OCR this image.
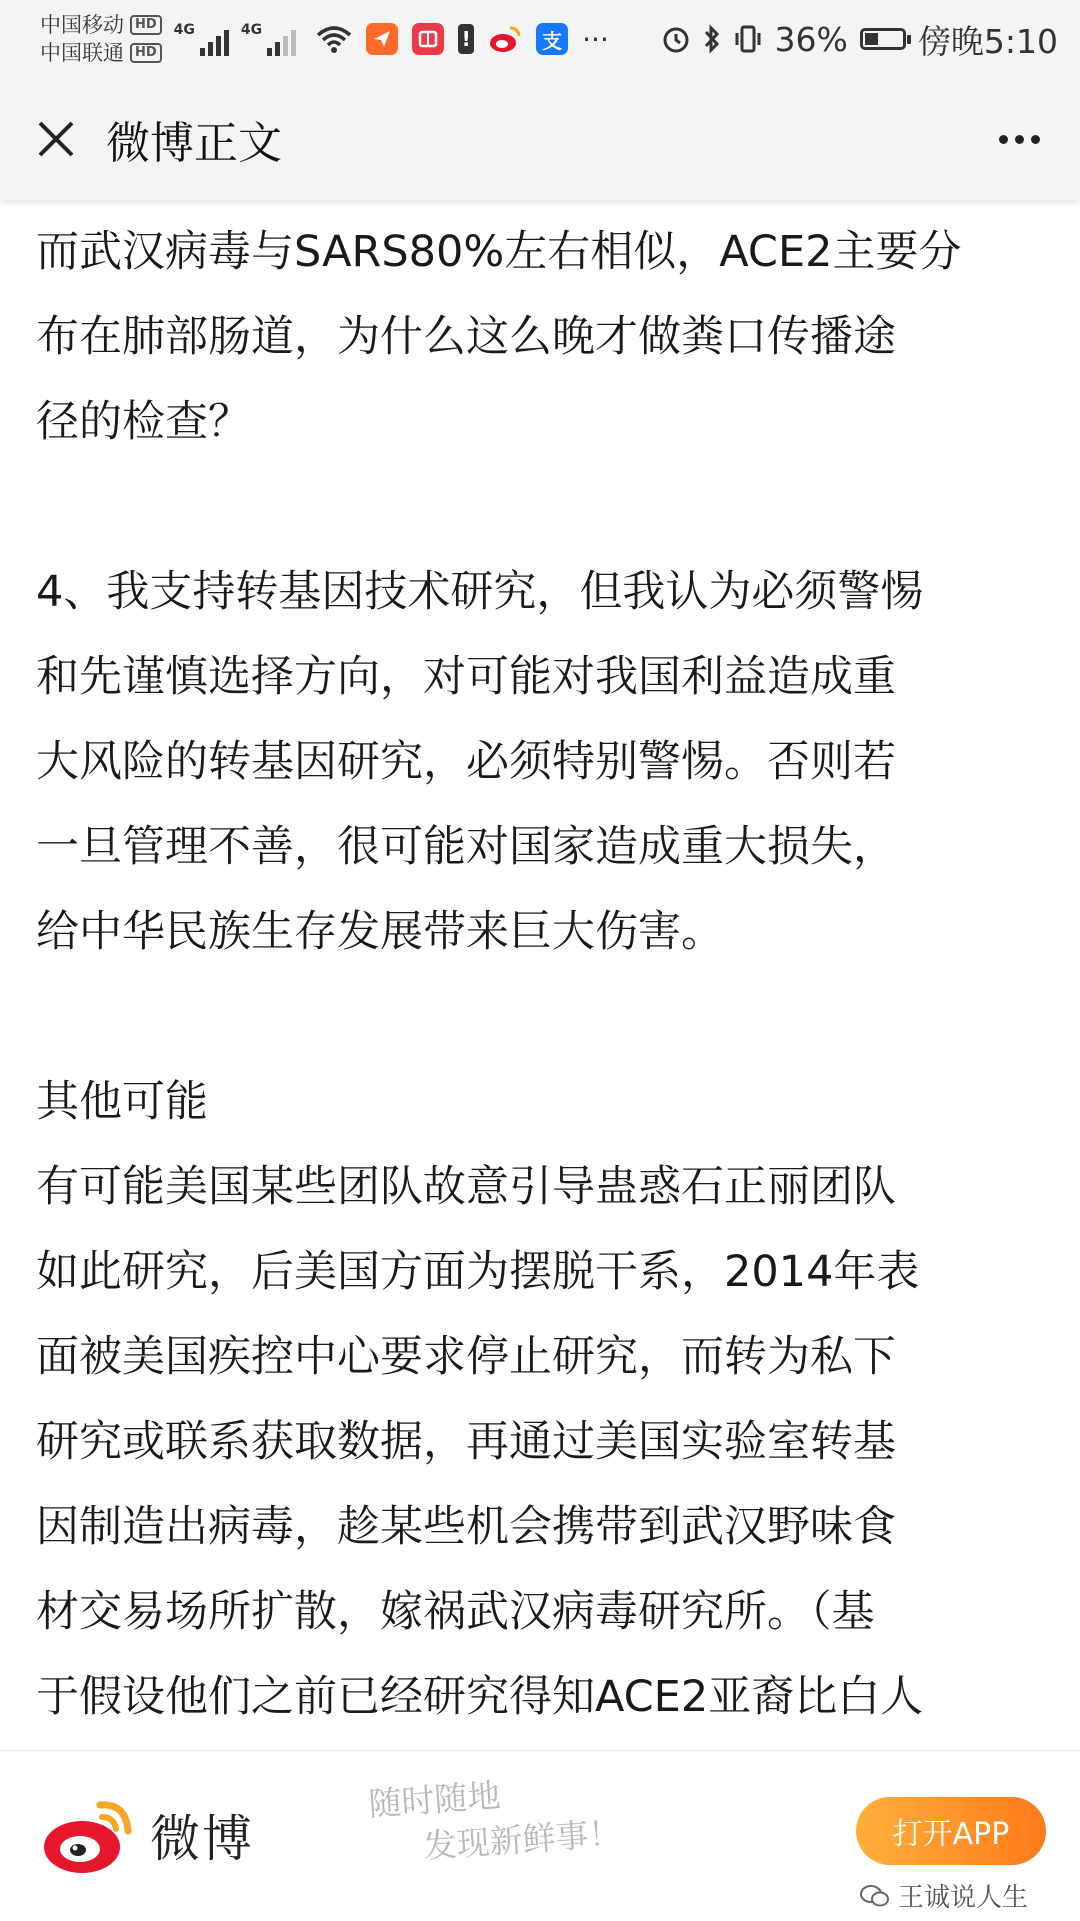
中国移动 HD
中国联通 HD
4G	4G	!	支 ···	36% 傍晚5:10
微博正文

而武汉病毒与SARS80%左右相似，ACE2主要分
布在肺部肠道，为什么这么晚才做粪口传播途
径的检查？

4、我支持转基因技术研究，但我认为必须警惕
和先谨慎选择方向，对可能对我国利益造成重
大风险的转基因研究，必须特别警惕。否则若
一旦管理不善，很可能对国家造成重大损失，
给中华民族生存发展带来巨大伤害。

其他可能
有可能美国某些团队故意引导蛊惑石正丽团队
如此研究，后美国方面为摆脱干系，2014年表
面被美国疾控中心要求停止研究，而转为私下
研究或联系获取数据，再通过美国实验室转基
因制造出病毒，趁某些机会携带到武汉野味食
材交易场所扩散，嫁祸武汉病毒研究所。（基
于假设他们之前已经研究得知ACE2亚裔比白人

微博
随时随地
发现新鲜事！	打开APP
王诚说人生
